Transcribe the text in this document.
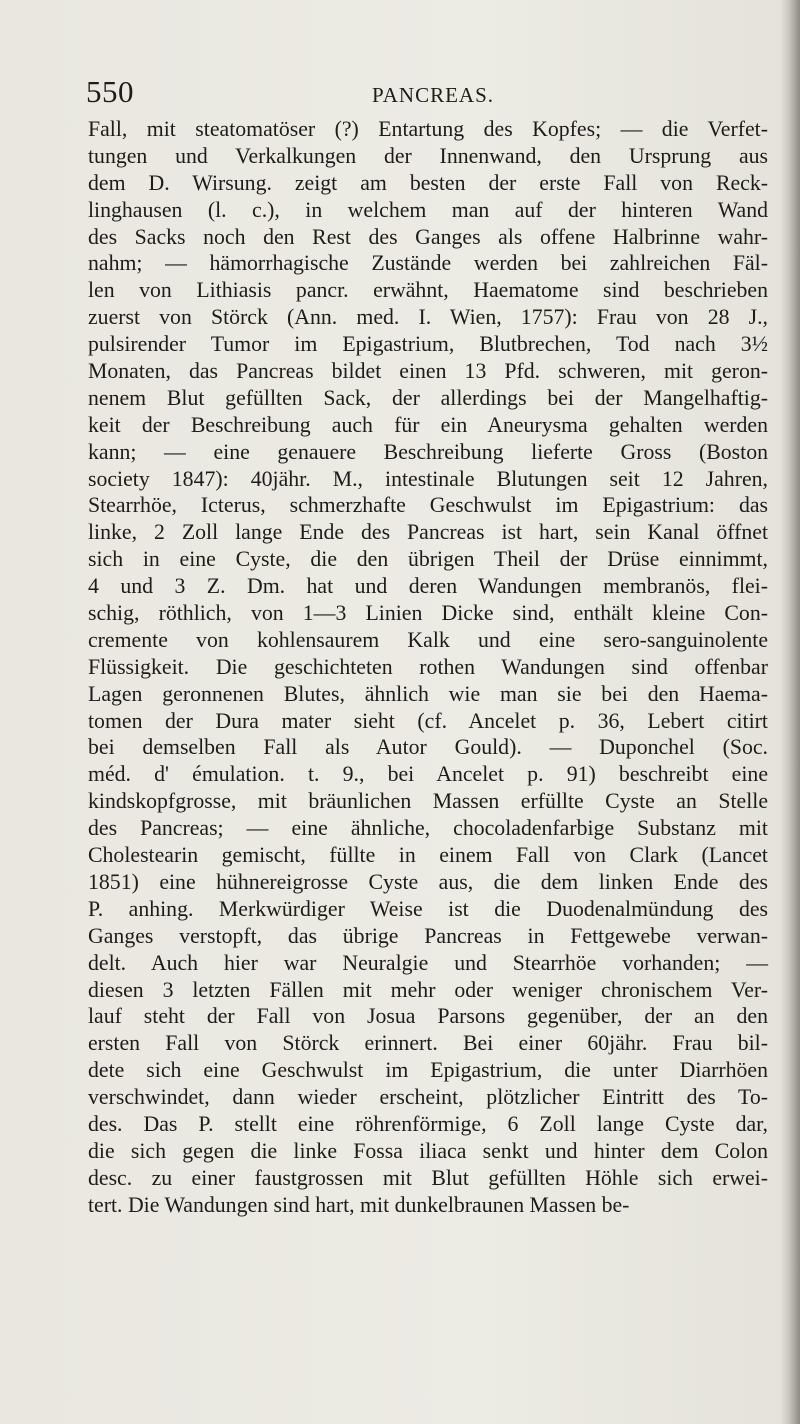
550	PANCREAS.
Fall, mit steatomatöser (?) Entartung des Kopfes; — die Verfet-
tungen und Verkalkungen der Innenwand, den Ursprung aus
dem D. Wirsung. zeigt am besten der erste Fall von Reck-
linghausen (l. c.), in welchem man auf der hinteren Wand
des Sacks noch den Rest des Ganges als offene Halbrinne wahr-
nahm; — hämorrhagische Zustände werden bei zahlreichen Fäl-
len von Lithiasis pancr. erwähnt, Haematome sind beschrieben
zuerst von Störck (Ann. med. I. Wien, 1757): Frau von 28 J.,
pulsirender Tumor im Epigastrium, Blutbrechen, Tod nach 3½
Monaten, das Pancreas bildet einen 13 Pfd. schweren, mit geron-
nenem Blut gefüllten Sack, der allerdings bei der Mangelhaftig-
keit der Beschreibung auch für ein Aneurysma gehalten werden
kann; — eine genauere Beschreibung lieferte Gross (Boston
society 1847): 40jähr. M., intestinale Blutungen seit 12 Jahren,
Stearrhöe, Icterus, schmerzhafte Geschwulst im Epigastrium: das
linke, 2 Zoll lange Ende des Pancreas ist hart, sein Kanal öffnet
sich in eine Cyste, die den übrigen Theil der Drüse einnimmt,
4 und 3 Z. Dm. hat und deren Wandungen membranös, flei-
schig, röthlich, von 1—3 Linien Dicke sind, enthält kleine Con-
cremente von kohlensaurem Kalk und eine sero-sanguinolente
Flüssigkeit. Die geschichteten rothen Wandungen sind offenbar
Lagen geronnenen Blutes, ähnlich wie man sie bei den Haema-
tomen der Dura mater sieht (cf. Ancelet p. 36, Lebert citirt
bei demselben Fall als Autor Gould). — Duponchel (Soc.
méd. d' émulation. t. 9., bei Ancelet p. 91) beschreibt eine
kindskopfgrosse, mit bräunlichen Massen erfüllte Cyste an Stelle
des Pancreas; — eine ähnliche, chocoladenfarbige Substanz mit
Cholestearin gemischt, füllte in einem Fall von Clark (Lancet
1851) eine hühnereigrosse Cyste aus, die dem linken Ende des
P. anhing. Merkwürdiger Weise ist die Duodenalmündung des
Ganges verstopft, das übrige Pancreas in Fettgewebe verwan-
delt. Auch hier war Neuralgie und Stearrhöe vorhanden; —
diesen 3 letzten Fällen mit mehr oder weniger chronischem Ver-
lauf steht der Fall von Josua Parsons gegenüber, der an den
ersten Fall von Störck erinnert. Bei einer 60jähr. Frau bil-
dete sich eine Geschwulst im Epigastrium, die unter Diarrhöen
verschwindet, dann wieder erscheint, plötzlicher Eintritt des To-
des. Das P. stellt eine röhrenförmige, 6 Zoll lange Cyste dar,
die sich gegen die linke Fossa iliaca senkt und hinter dem Colon
desc. zu einer faustgrossen mit Blut gefüllten Höhle sich erwei-
tert. Die Wandungen sind hart, mit dunkelbraunen Massen be-
